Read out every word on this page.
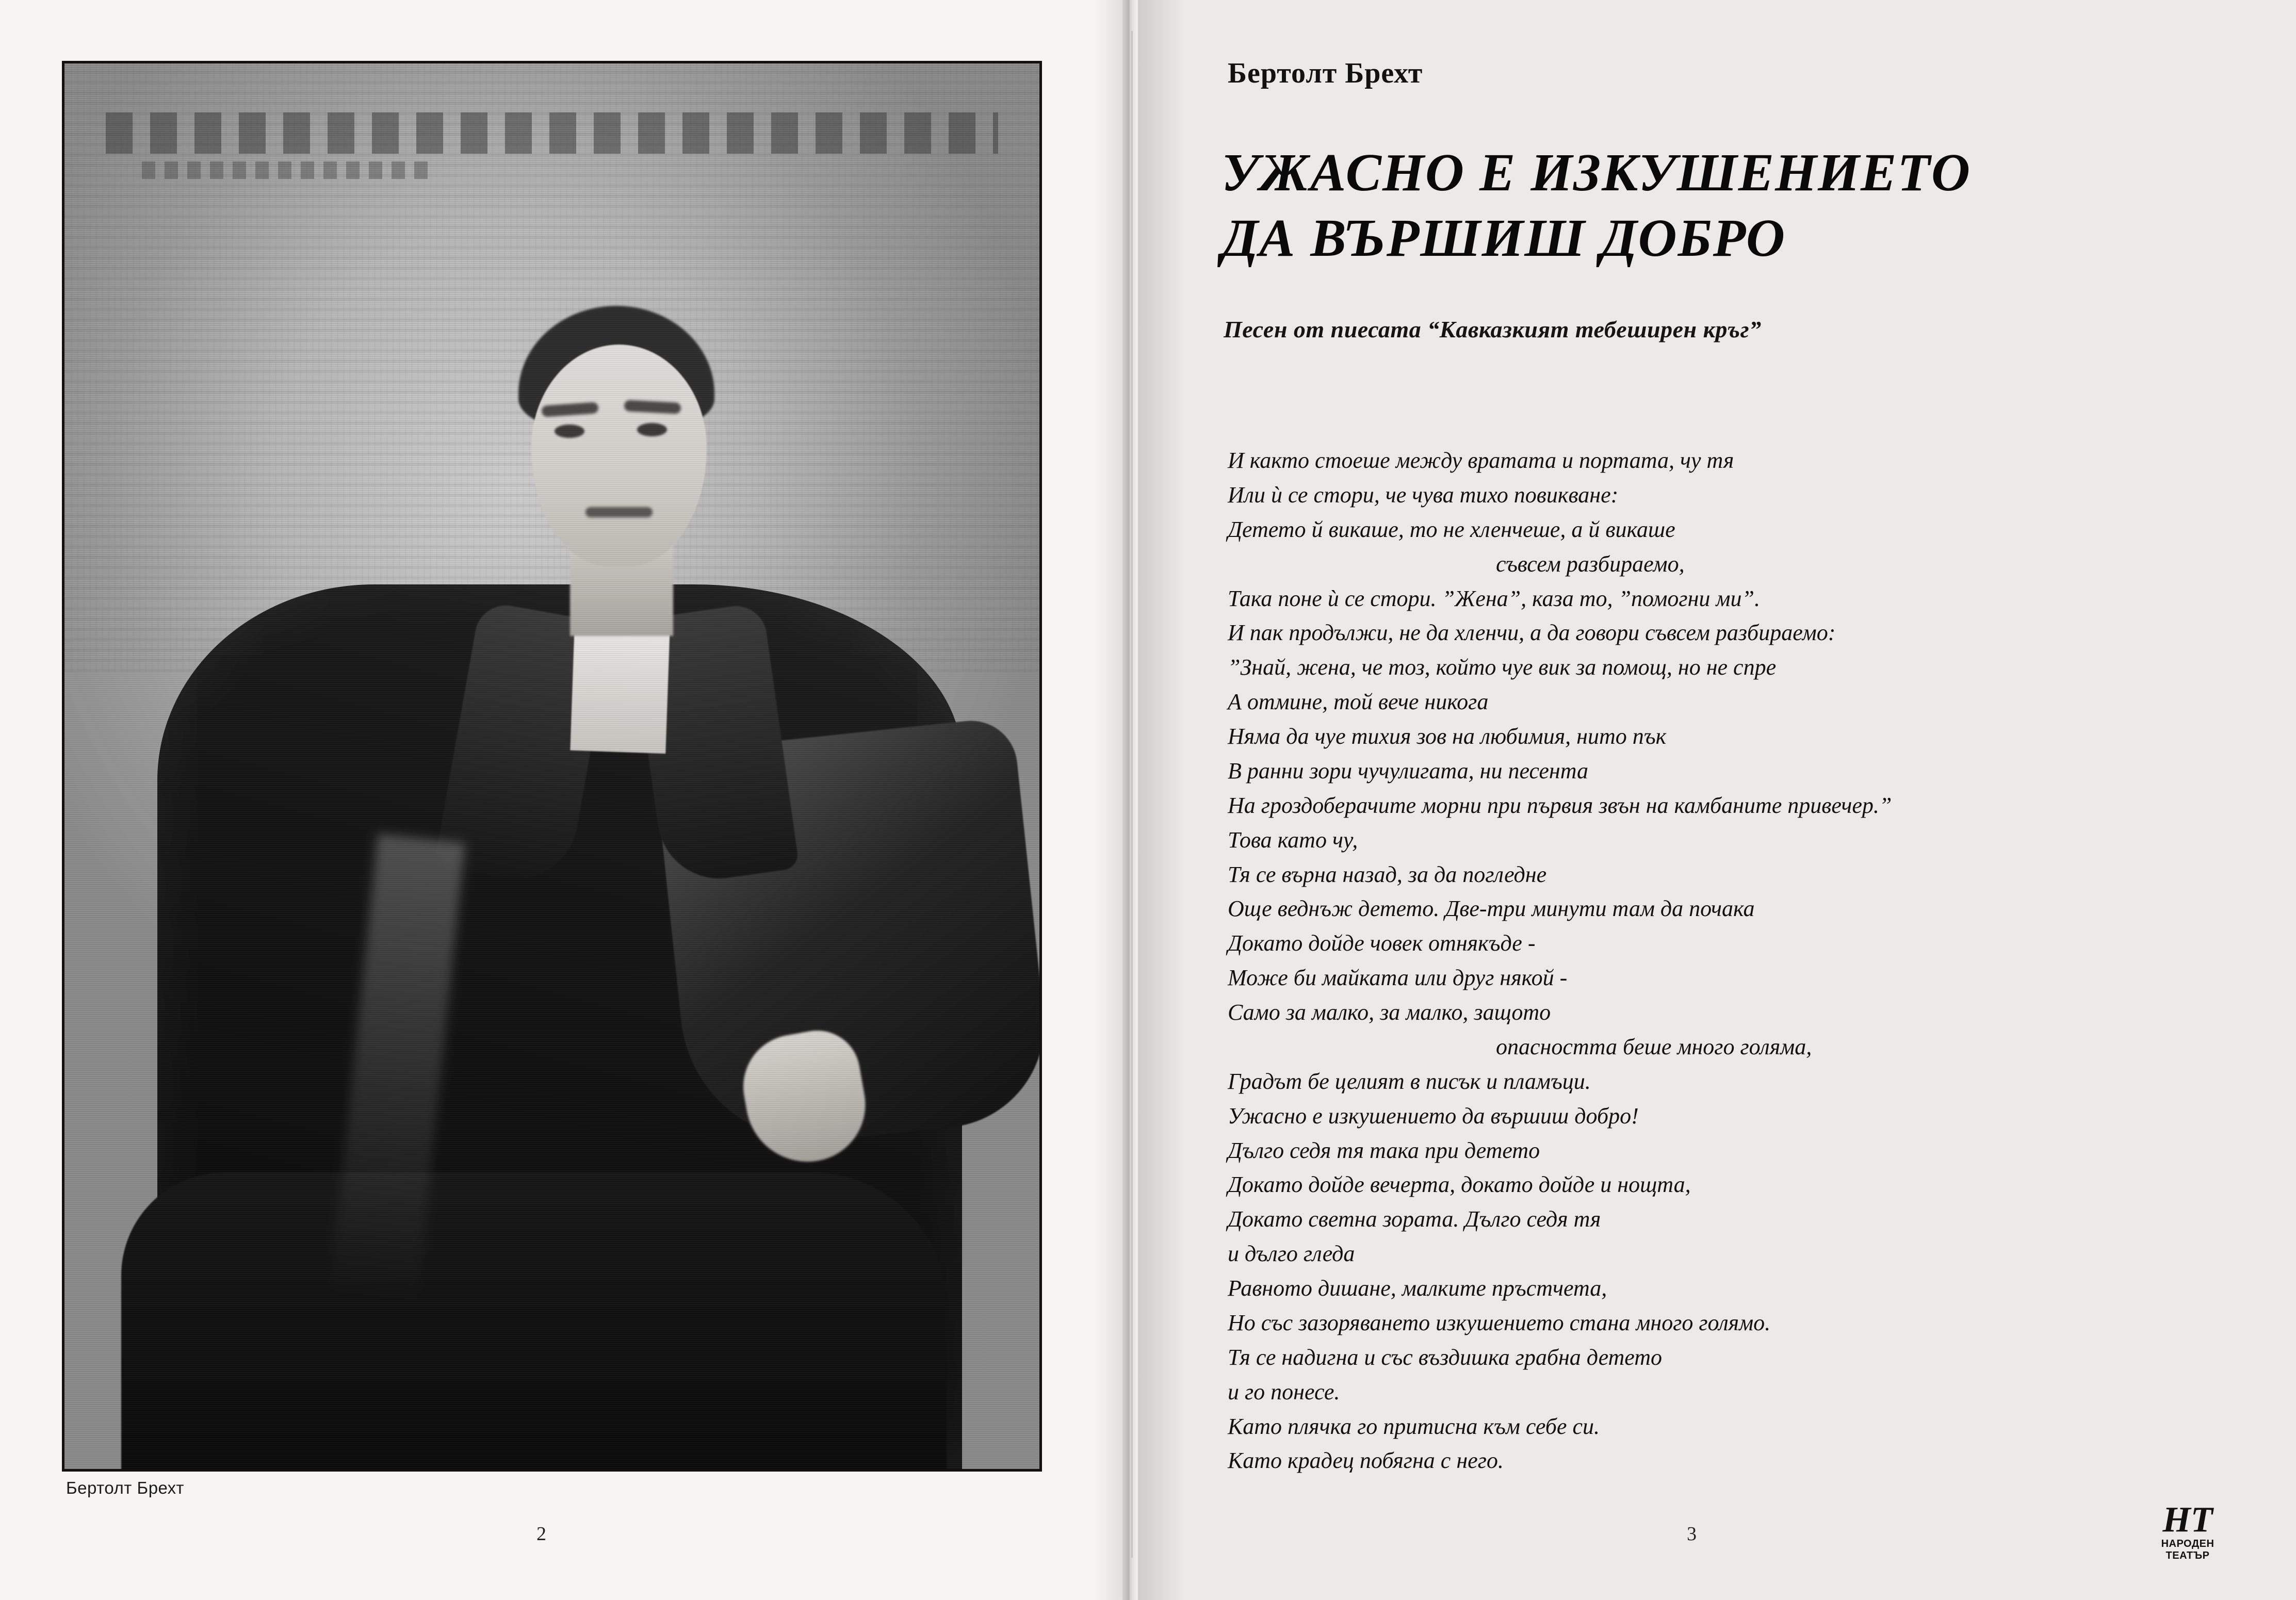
Бертолт Брехт
2
Бертолт Брехт
УЖАСНО Е ИЗКУШЕНИЕТО
ДА ВЪРШИШ ДОБРО
Песен от пиесата “Кавказкият тебеширен кръг”
И както стоеше между вратата и портата, чу тя
Или ѝ се стори, че чува тихо повикване:
Детето й викаше, то не хленчеше, а й викаше
съвсем разбираемо,
Така поне ѝ се стори. ”Жена”, каза то, ”помогни ми”.
И пак продължи, не да хленчи, а да говори съвсем разбираемо:
”Знай, жена, че тоз, който чуе вик за помощ, но не спре
А отмине, той вече никога
Няма да чуе тихия зов на любимия, нито пък
В ранни зори чучулигата, ни песента
На гроздоберачите морни при първия звън на камбаните привечер.”
Това като чу,
Тя се върна назад, за да погледне
Още веднъж детето. Две-три минути там да почака
Докато дойде човек отнякъде -
Може би майката или друг някой -
Само за малко, за малко, защото
опасността беше много голяма,
Градът бе целият в писък и пламъци.
Ужасно е изкушението да вършиш добро!
Дълго седя тя така при детето
Докато дойде вечерта, докато дойде и нощта,
Докато светна зората. Дълго седя тя
и дълго гледа
Равното дишане, малките пръстчета,
Но със зазоряването изкушението стана много голямо.
Тя се надигна и със въздишка грабна детето
и го понесе.
Като плячка го притисна към себе си.
Като крадец побягна с него.
3	НТ
НАРОДЕН
ТЕАТЪР
